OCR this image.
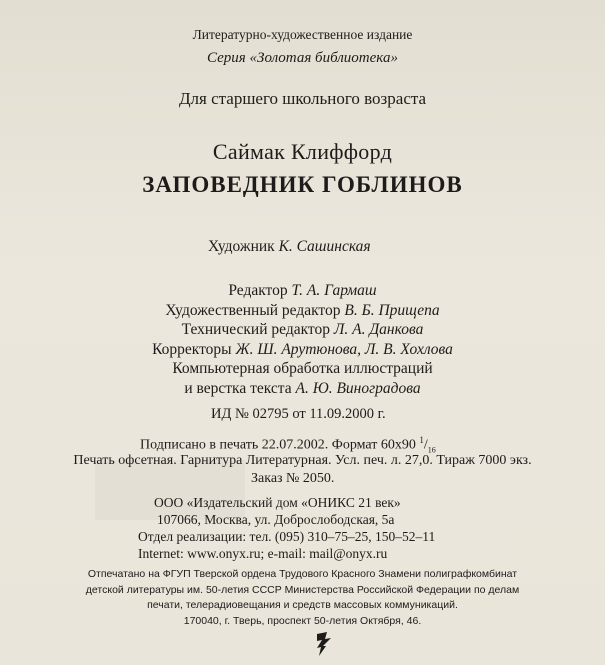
Литературно-художественное издание
Серия «Золотая библиотека»
Для старшего школьного возраста
Саймак Клиффорд
ЗАПОВЕДНИК ГОБЛИНОВ
Художник К. Сашинская
Редактор Т. А. Гармаш
Художественный редактор В. Б. Прищепа
Технический редактор Л. А. Данкова
Корректоры Ж. Ш. Арутюнова, Л. В. Хохлова
Компьютерная обработка иллюстраций
и верстка текста А. Ю. Виноградова
ИД № 02795 от 11.09.2000 г.
Подписано в печать 22.07.2002. Формат 60x90 $^1/_{16}$
Печать офсетная. Гарнитура Литературная. Усл. печ. л. 27,0. Тираж 7000 экз.
Заказ № 2050.
ООО «Издательский дом «ОНИКС 21 век»
107066, Москва, ул. Доброслободская, 5а
Отдел реализации: тел. (095) 310–75–25, 150–52–11
Internet: www.onyx.ru; e-mail: mail@onyx.ru
Отпечатано на ФГУП Тверской ордена Трудового Красного Знамени полиграфкомбинат
детской литературы им. 50-летия СССР Министерства Российской Федерации по делам
печати, телерадиовещания и средств массовых коммуникаций.
170040, г. Тверь, проспект 50-летия Октября, 46.
